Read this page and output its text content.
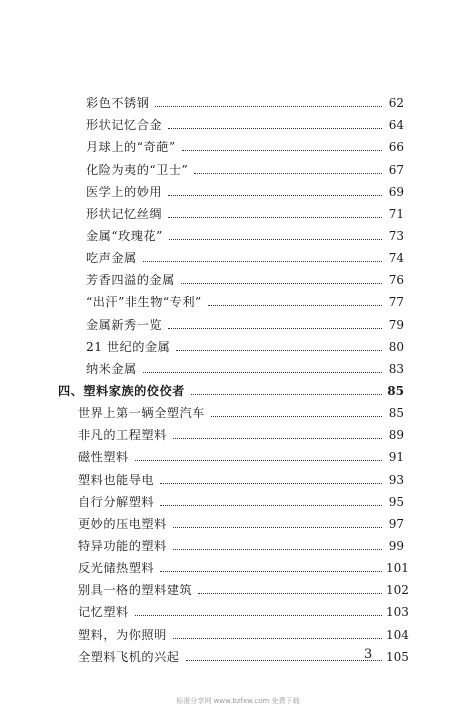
彩色不锈钢	62
形状记忆合金	64
月球上的“奇葩”	66
化险为夷的“卫士”	67
医学上的妙用	69
形状记忆丝绸	71
金属“玫瑰花”	73
吃声金属	74
芳香四溢的金属	76
“出汗”非生物“专利”	77
金属新秀一览	79
21 世纪的金属	80
纳米金属	83
四、塑料家族的佼佼者	85
世界上第一辆全塑汽车	85
非凡的工程塑料	89
磁性塑料	91
塑料也能导电	93
自行分解塑料	95
更妙的压电塑料	97
特异功能的塑料	99
反光储热塑料	101
别具一格的塑料建筑	102
记忆塑料	103
塑料，为你照明	104
全塑料飞机的兴起	105
3
标准分享网 www.bzfxw.com 免费下载
